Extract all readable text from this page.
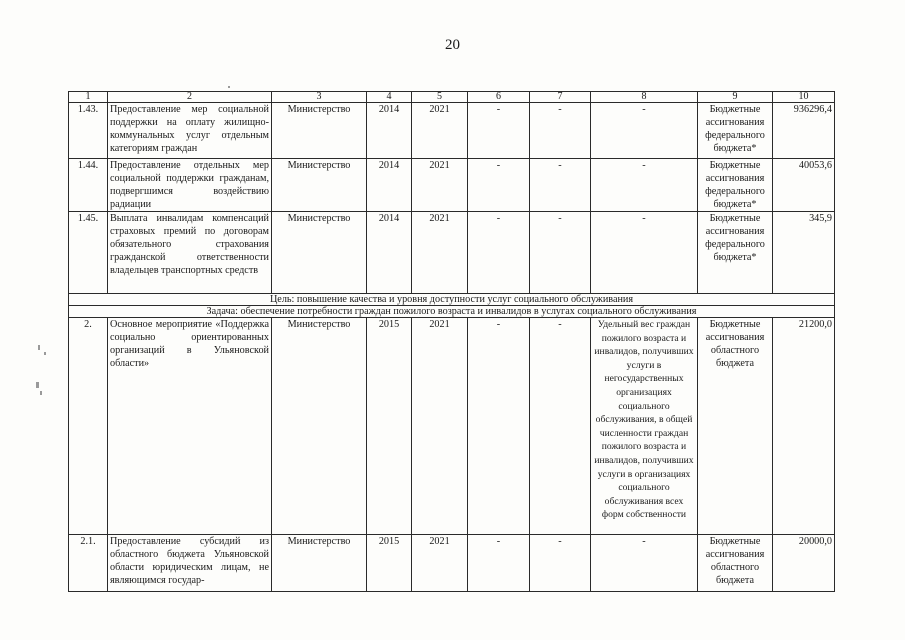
20
1	2	3	4	5	6	7	8	9	10
1.43.	Предоставление мер социальной поддержки на оплату жилищно-коммунальных услуг отдельным категориям граждан	Министерство	2014	2021	-	-	-	Бюджетные ассигнования федерального бюджета*	936296,4
1.44.	Предоставление отдельных мер социальной поддержки гражданам, подвергшимся воздействию радиации	Министерство	2014	2021	-	-	-	Бюджетные ассигнования федерального бюджета*	40053,6
1.45.	Выплата инвалидам компенсаций страховых премий по договорам обязательного страхования гражданской ответственности владельцев транспортных средств	Министерство	2014	2021	-	-	-	Бюджетные ассигнования федерального бюджета*	345,9
Цель: повышение качества и уровня доступности услуг социального обслуживания									
Задача: обеспечение потребности граждан пожилого возраста и инвалидов в услугах социального обслуживания									
2.	Основное мероприятие «Поддержка социально ориентированных организаций в Ульяновской области»	Министерство	2015	2021	-	-	Удельный вес граждан пожилого возраста и инвалидов, получивших услуги в негосударственных организациях социального обслуживания, в общей численности граждан пожилого возраста и инвалидов, получивших услуги в организациях социального обслуживания всех форм собственности	Бюджетные ассигнования областного бюджета	21200,0
2.1.	Предоставление субсидий из областного бюджета Ульяновской области юридическим лицам, не являющимся государ-	Министерство	2015	2021	-	-	-	Бюджетные ассигнования областного бюджета	20000,0
